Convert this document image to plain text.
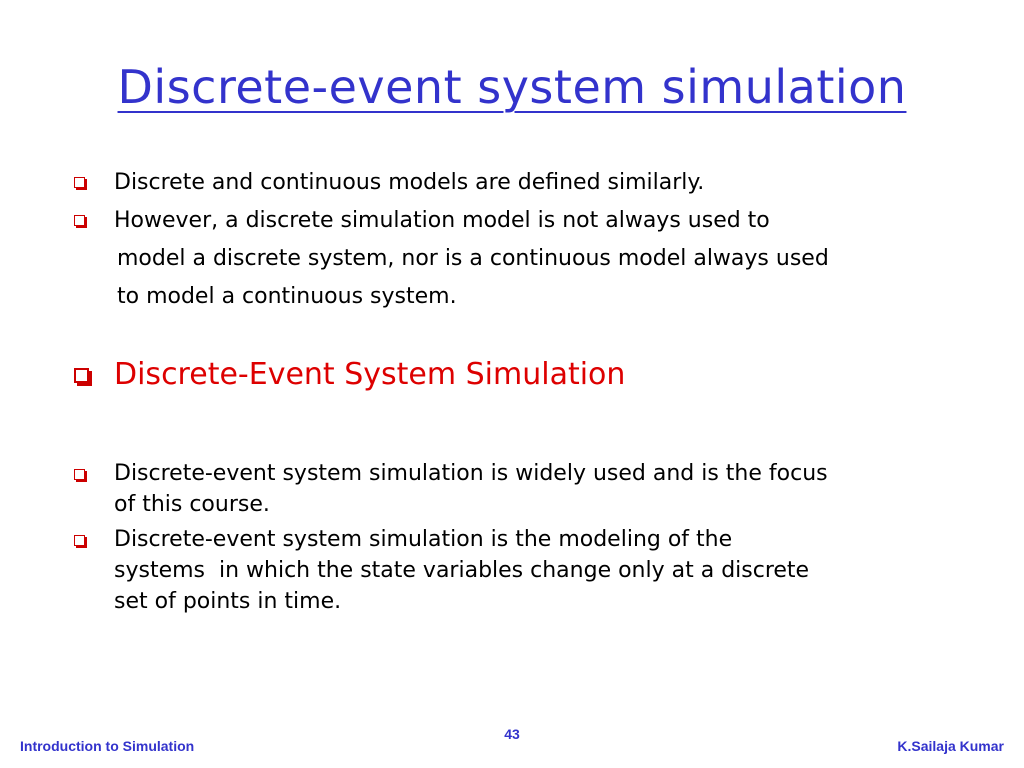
Discrete-event system simulation
Discrete and continuous models are defined similarly.
However, a discrete simulation model is not always used to
model a discrete system, nor is a continuous model always used
to model a continuous system.
Discrete-Event System Simulation
Discrete-event system simulation is widely used and is the focus
of this course.
Discrete-event system simulation is the modeling of the
systems  in which the state variables change only at a discrete
set of points in time.
Introduction to Simulation
43
K.Sailaja Kumar
